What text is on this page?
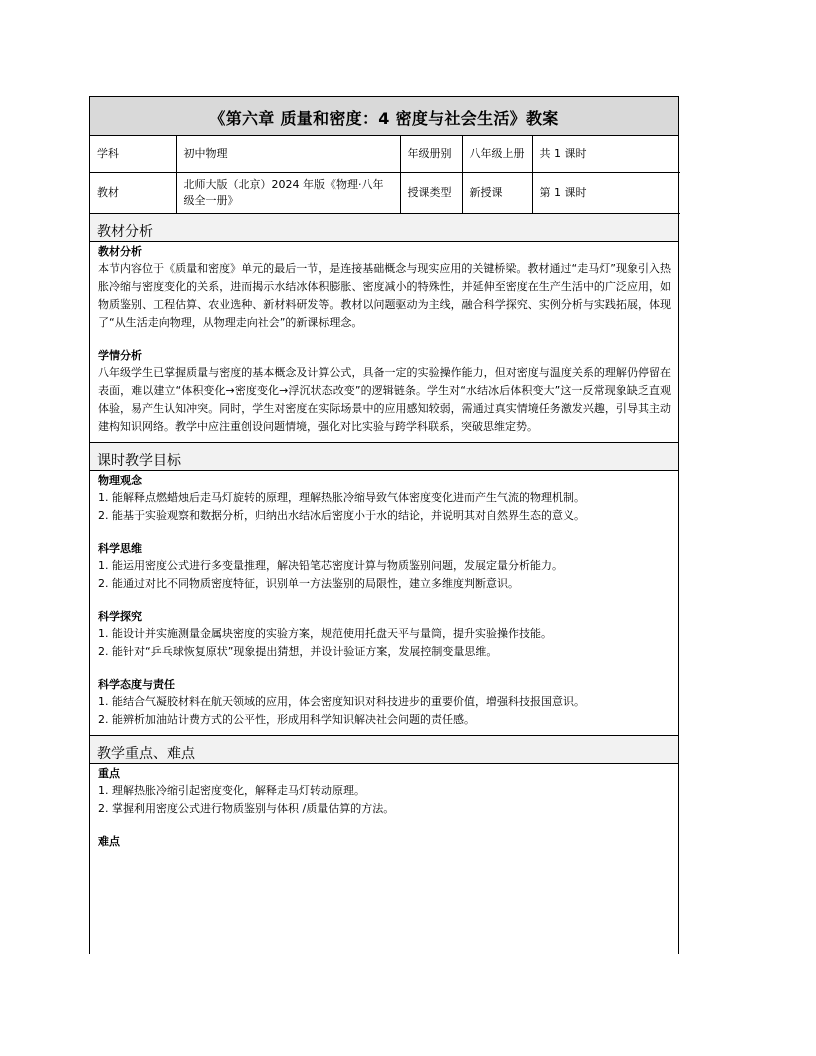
《第六章 质量和密度：4 密度与社会生活》教案
学科	初中物理	年级册别	八年级上册	共 1 课时
教材	北师大版（北京）2024 年版《物理·八年级全一册》	授课类型	新授课	第 1 课时
教材分析
教材分析
本节内容位于《质量和密度》单元的最后一节，是连接基础概念与现实应用的关键桥梁。教材通过“走马灯”现象引入热胀冷缩与密度变化的关系，进而揭示水结冰体积膨胀、密度减小的特殊性，并延伸至密度在生产生活中的广泛应用，如物质鉴别、工程估算、农业选种、新材料研发等。教材以问题驱动为主线，融合科学探究、实例分析与实践拓展，体现了“从生活走向物理，从物理走向社会”的新课标理念。
学情分析
八年级学生已掌握质量与密度的基本概念及计算公式，具备一定的实验操作能力，但对密度与温度关系的理解仍停留在表面，难以建立“体积变化→密度变化→浮沉状态改变”的逻辑链条。学生对“水结冰后体积变大”这一反常现象缺乏直观体验，易产生认知冲突。同时，学生对密度在实际场景中的应用感知较弱，需通过真实情境任务激发兴趣，引导其主动建构知识网络。教学中应注重创设问题情境，强化对比实验与跨学科联系，突破思维定势。
课时教学目标
物理观念
1. 能解释点燃蜡烛后走马灯旋转的原理，理解热胀冷缩导致气体密度变化进而产生气流的物理机制。
2. 能基于实验观察和数据分析，归纳出水结冰后密度小于水的结论，并说明其对自然界生态的意义。
科学思维
1. 能运用密度公式进行多变量推理，解决铅笔芯密度计算与物质鉴别问题，发展定量分析能力。
2. 能通过对比不同物质密度特征，识别单一方法鉴别的局限性，建立多维度判断意识。
科学探究
1. 能设计并实施测量金属块密度的实验方案，规范使用托盘天平与量筒，提升实验操作技能。
2. 能针对“乒乓球恢复原状”现象提出猜想，并设计验证方案，发展控制变量思维。
科学态度与责任
1. 能结合气凝胶材料在航天领域的应用，体会密度知识对科技进步的重要价值，增强科技报国意识。
2. 能辨析加油站计费方式的公平性，形成用科学知识解决社会问题的责任感。
教学重点、难点
重点
1. 理解热胀冷缩引起密度变化，解释走马灯转动原理。
2. 掌握利用密度公式进行物质鉴别与体积 /质量估算的方法。
难点
